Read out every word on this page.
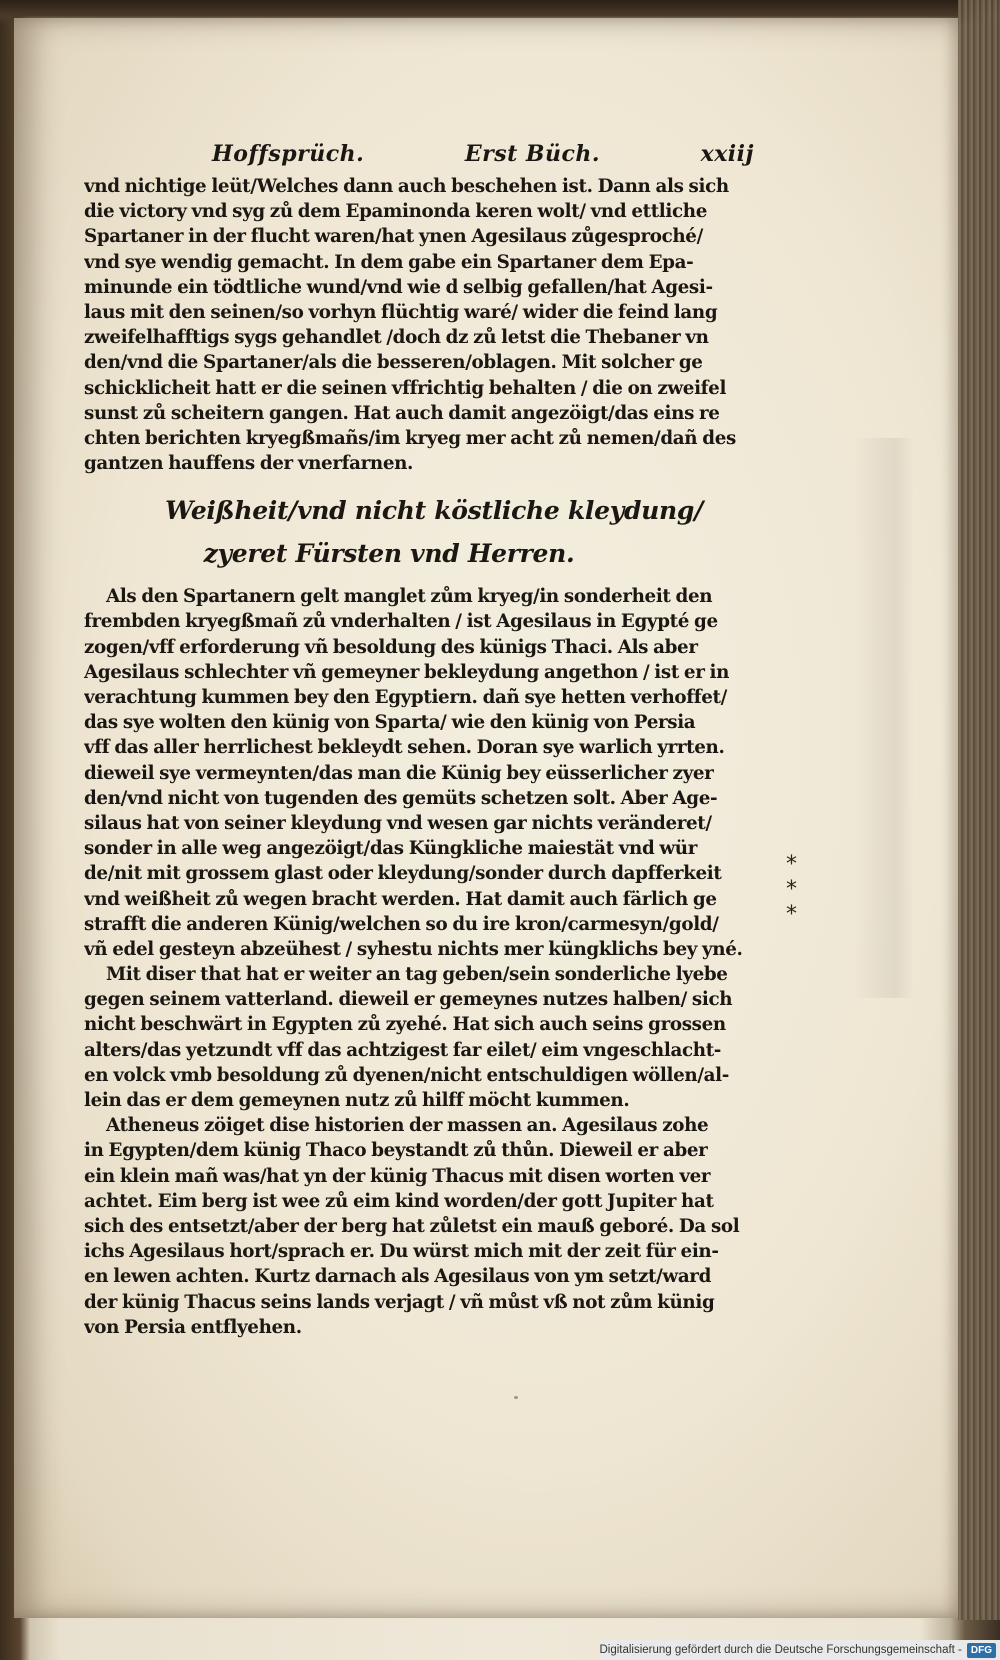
Hoffsprüch.	Erst Büch.	xxiij
vnd nichtige leüt/Welches dann auch beschehen ist. Dann als sich
die victory vnd syg zů dem Epaminonda keren wolt/ vnd ettliche
Spartaner in der flucht waren/hat ynen Agesilaus zůgesproché/
vnd sye wendig gemacht. In dem gabe ein Spartaner dem Epa-
minunde ein tödtliche wund/vnd wie d selbig gefallen/hat Agesi-
laus mit den seinen/so vorhyn flüchtig waré/ wider die feind lang
zweifelhafftigs sygs gehandlet /doch dz zů letst die Thebaner vn
den/vnd die Spartaner/als die besseren/oblagen. Mit solcher ge
schicklicheit hatt er die seinen vffrichtig behalten / die on zweifel
sunst zů scheitern gangen. Hat auch damit angezöigt/das eins re
chten berichten kryegßmañs/im kryeg mer acht zů nemen/dañ des
gantzen hauffens der vnerfarnen.
Weißheit/vnd nicht köstliche kleydung/
zyeret Fürsten vnd Herren.
Als den Spartanern gelt manglet zům kryeg/in sonderheit den
frembden kryegßmañ zů vnderhalten / ist Agesilaus in Egypté ge
zogen/vff erforderung vñ besoldung des künigs Thaci. Als aber
Agesilaus schlechter vñ gemeyner bekleydung angethon / ist er in
verachtung kummen bey den Egyptiern. dañ sye hetten verhoffet/
das sye wolten den künig von Sparta/ wie den künig von Persia
vff das aller herrlichest bekleydt sehen. Doran sye warlich yrrten.
dieweil sye vermeynten/das man die Künig bey eüsserlicher zyer
den/vnd nicht von tugenden des gemüts schetzen solt. Aber Age-
silaus hat von seiner kleydung vnd wesen gar nichts veränderet/
sonder in alle weg angezöigt/das Küngkliche maiestät vnd wür
de/nit mit grossem glast oder kleydung/sonder durch dapfferkeit
vnd weißheit zů wegen bracht werden. Hat damit auch färlich ge
strafft die anderen Künig/welchen so du ire kron/carmesyn/gold/
vñ edel gesteyn abzeühest / syhestu nichts mer küngklichs bey yné.
Mit diser that hat er weiter an tag geben/sein sonderliche lyebe
gegen seinem vatterland. dieweil er gemeynes nutzes halben/ sich
nicht beschwärt in Egypten zů zyehé. Hat sich auch seins grossen
alters/das yetzundt vff das achtzigest far eilet/ eim vngeschlacht-
en volck vmb besoldung zů dyenen/nicht entschuldigen wöllen/al-
lein das er dem gemeynen nutz zů hilff möcht kummen.
Atheneus zöiget dise historien der massen an. Agesilaus zohe
in Egypten/dem künig Thaco beystandt zů thůn. Dieweil er aber
ein klein mañ was/hat yn der künig Thacus mit disen worten ver
achtet. Eim berg ist wee zů eim kind worden/der gott Jupiter hat
sich des entsetzt/aber der berg hat zůletst ein mauß geboré. Da sol
ichs Agesilaus hort/sprach er. Du würst mich mit der zeit für ein-
en lewen achten. Kurtz darnach als Agesilaus von ym setzt/ward
der künig Thacus seins lands verjagt / vñ můst vß not zům künig
von Persia entflyehen.
*
*
*
Digitalisierung gefördert durch die Deutsche Forschungsgemeinschaft - DFG
